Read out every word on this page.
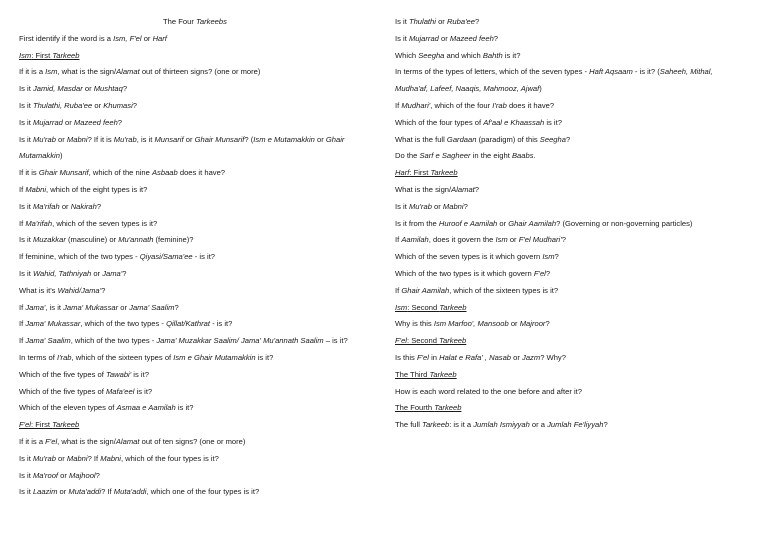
The Four Tarkeebs
First identify if the word is a Ism, F'el or Harf
Ism: First Tarkeeb
If it is a Ism, what is the sign/Alamat out of thirteen signs? (one or more)
Is it Jamid, Masdar or Mushtaq?
Is it Thulathi, Ruba'ee or Khumasi?
Is it Mujarrad or Mazeed feeh?
Is it Mu'rab or Mabni? If it is Mu'rab, is it Munsarif or Ghair Munsarif? (Ism e Mutamakkin or Ghair Mutamakkin)
If it is Ghair Munsarif, which of the nine Asbaab does it have?
If Mabni, which of the eight types is it?
Is it Ma'rifah or Nakirah?
If Ma'rifah, which of the seven types is it?
Is it Muzakkar (masculine) or Mu'annath (feminine)?
If feminine, which of the two types - Qiyasi/Sama'ee - is it?
Is it Wahid, Tathniyah or Jama'?
What is it's Wahid/Jama'?
If Jama', is it Jama' Mukassar or Jama' Saalim?
If Jama' Mukassar, which of the two types - Qillat/Kathrat - is it?
If Jama' Saalim, which of the two types - Jama' Muzakkar Saalim/ Jama' Mu'annath Saalim – is it?
In terms of I'rab, which of the sixteen types of Ism e Ghair Mutamakkin is it?
Which of the five types of Tawabi' is it?
Which of the five types of Mafa'eel is it?
Which of the eleven types of Asmaa e Aamilah is it?
F'el: First Tarkeeb
If it is a F'el, what is the sign/Alamat out of ten signs? (one or more)
Is it Mu'rab or Mabni? If Mabni, which of the four types is it?
Is it Ma'roof or Majhool?
Is it Laazim or Muta'addi? If Muta'addi, which one of the four types is it?
Is it Thulathi or Ruba'ee?
Is it Mujarrad or Mazeed feeh?
Which Seegha and which Bahth is it?
In terms of the types of letters, which of the seven types - Haft Aqsaam - is it? (Saheeh, Mithal, Mudha'af, Lafeef, Naaqis, Mahmooz, Ajwaf)
If Mudhari', which of the four I'rab does it have?
Which of the four types of Af'aal e Khaassah is it?
What is the full Gardaan (paradigm) of this Seegha?
Do the Sarf e Sagheer in the eight Baabs.
Harf: First Tarkeeb
What is the sign/Alamat?
Is it Mu'rab or Mabni?
Is it from the Huroof e Aamilah or Ghair Aamilah? (Governing or non-governing particles)
If Aamilah, does it govern the Ism or F'el Mudhari'?
Which of the seven types is it which govern Ism?
Which of the two types is it which govern F'el?
If Ghair Aamilah, which of the sixteen types is it?
Ism: Second Tarkeeb
Why is this Ism Marfoo', Mansoob or Majroor?
F'el: Second Tarkeeb
Is this F'el in Halat e Rafa' , Nasab or Jazm? Why?
The Third Tarkeeb
How is each word related to the one before and after it?
The Fourth Tarkeeb
The full Tarkeeb: is it a Jumlah Ismiyyah or a Jumlah Fe'liyyah?
